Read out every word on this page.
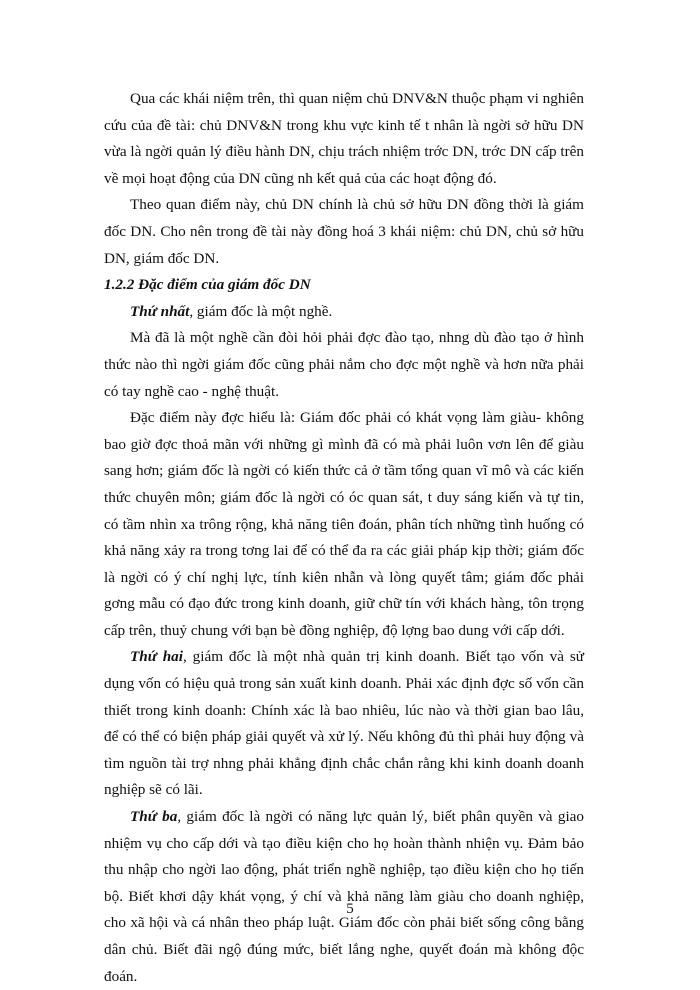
Qua các khái niệm trên, thì quan niệm chủ DNV&N thuộc phạm vi nghiên cứu của đề tài: chủ DNV&N trong khu vực kinh tế t nhân là ngời sở hữu DN vừa là ngời quản lý điều hành DN, chịu trách nhiệm trớc DN, trớc DN cấp trên về mọi hoạt động của DN cũng nh kết quả của các hoạt động đó.

Theo quan điểm này, chủ DN chính là chủ sở hữu DN đồng thời là giám đốc DN. Cho nên trong đề tài này đồng hoá 3 khái niệm: chủ DN, chủ sở hữu DN, giám đốc DN.

1.2.2 Đặc điểm của giám đốc DN

Thứ nhất, giám đốc là một nghề.

Mà đã là một nghề cần đòi hỏi phải đợc đào tạo, nhng dù đào tạo ở hình thức nào thì ngời giám đốc cũng phải nắm cho đợc một nghề và hơn nữa phải có tay nghề cao - nghệ thuật.

Đặc điểm này đợc hiểu là: Giám đốc phải có khát vọng làm giàu- không bao giờ đợc thoả mãn với những gì mình đã có mà phải luôn vơn lên để giàu sang hơn; giám đốc là ngời có kiến thức cả ở tầm tổng quan vĩ mô và các kiến thức chuyên môn; giám đốc là ngời có óc quan sát, t duy sáng kiến và tự tin, có tầm nhìn xa trông rộng, khả năng tiên đoán, phân tích những tình huống có khả năng xảy ra trong tơng lai để có thể đa ra các giải pháp kịp thời; giám đốc là ngời có ý chí nghị lực, tính kiên nhẫn và lòng quyết tâm; giám đốc phải gơng mẫu có đạo đức trong kinh doanh, giữ chữ tín với khách hàng, tôn trọng cấp trên, thuỷ chung với bạn bè đồng nghiệp, độ lợng bao dung với cấp dới.

Thứ hai, giám đốc là một nhà quản trị kinh doanh. Biết tạo vốn và sử dụng vốn có hiệu quả trong sản xuất kinh doanh. Phải xác định đợc số vốn cần thiết trong kinh doanh: Chính xác là bao nhiêu, lúc nào và thời gian bao lâu, để có thể có biện pháp giải quyết và xử lý. Nếu không đủ thì phải huy động và tìm nguồn tài trợ nhng phải khẳng định chắc chắn rằng khi kinh doanh doanh nghiệp sẽ có lãi.

Thứ ba, giám đốc là ngời có năng lực quản lý, biết phân quyền và giao nhiệm vụ cho cấp dới và tạo điều kiện cho họ hoàn thành nhiện vụ. Đảm bảo thu nhập cho ngời lao động, phát triển nghề nghiệp, tạo điều kiện cho họ tiến bộ. Biết khơi dậy khát vọng, ý chí và khả năng làm giàu cho doanh nghiệp, cho xã hội và cá nhân theo pháp luật. Giám đốc còn phải biết sống công bằng dân chủ. Biết đãi ngộ đúng mức, biết lắng nghe, quyết đoán mà không độc đoán.

5
